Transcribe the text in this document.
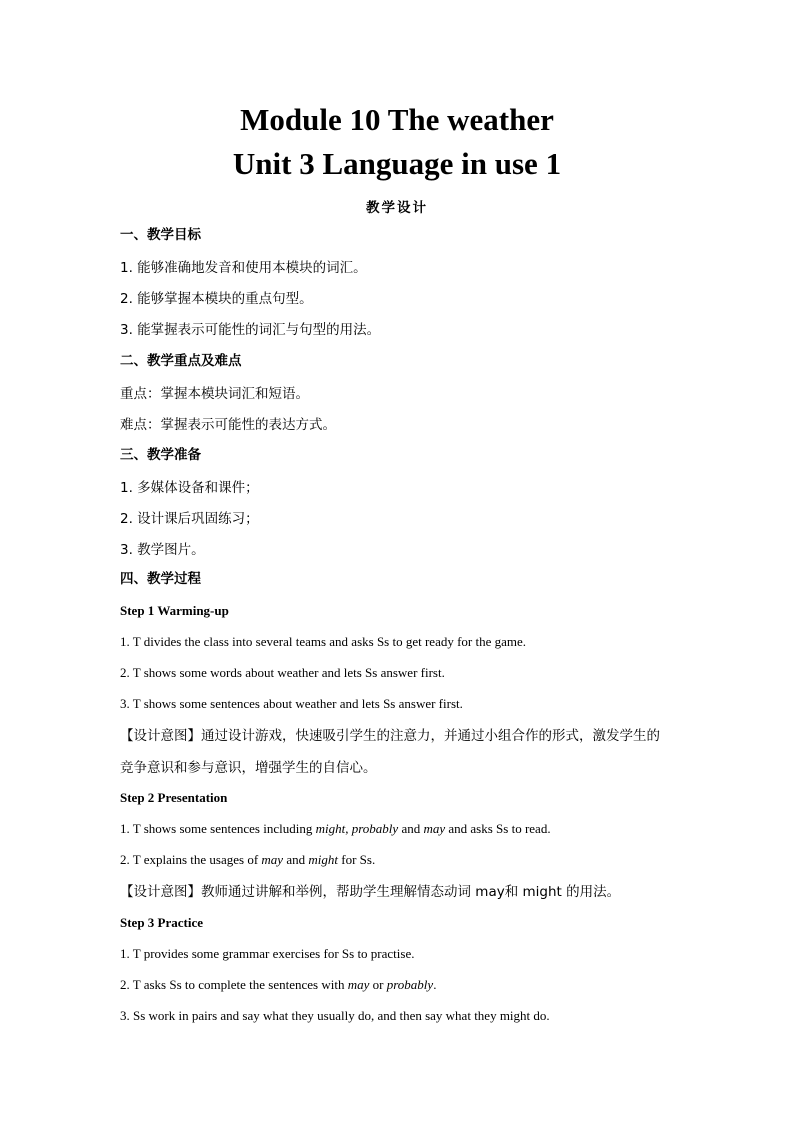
Module 10 The weather

Unit 3 Language in use 1

教学设计

一、教学目标

1. 能够准确地发音和使用本模块的词汇。

2. 能够掌握本模块的重点句型。

3. 能掌握表示可能性的词汇与句型的用法。

二、教学重点及难点

重点：掌握本模块词汇和短语。

难点：掌握表示可能性的表达方式。

三、教学准备

1. 多媒体设备和课件；

2. 设计课后巩固练习；

3. 教学图片。

四、教学过程

Step 1 Warming-up

1. T divides the class into several teams and asks Ss to get ready for the game.

2. T shows some words about weather and lets Ss answer first.

3. T shows some sentences about weather and lets Ss answer first.

【设计意图】通过设计游戏，快速吸引学生的注意力，并通过小组合作的形式，激发学生的

竞争意识和参与意识，增强学生的自信心。

Step 2 Presentation

1. T shows some sentences including might, probably and may and asks Ss to read.

2. T explains the usages of may and might for Ss.

【设计意图】教师通过讲解和举例，帮助学生理解情态动词 may和 might 的用法。

Step 3 Practice

1. T provides some grammar exercises for Ss to practise.

2. T asks Ss to complete the sentences with may or probably.

3. Ss work in pairs and say what they usually do, and then say what they might do.
